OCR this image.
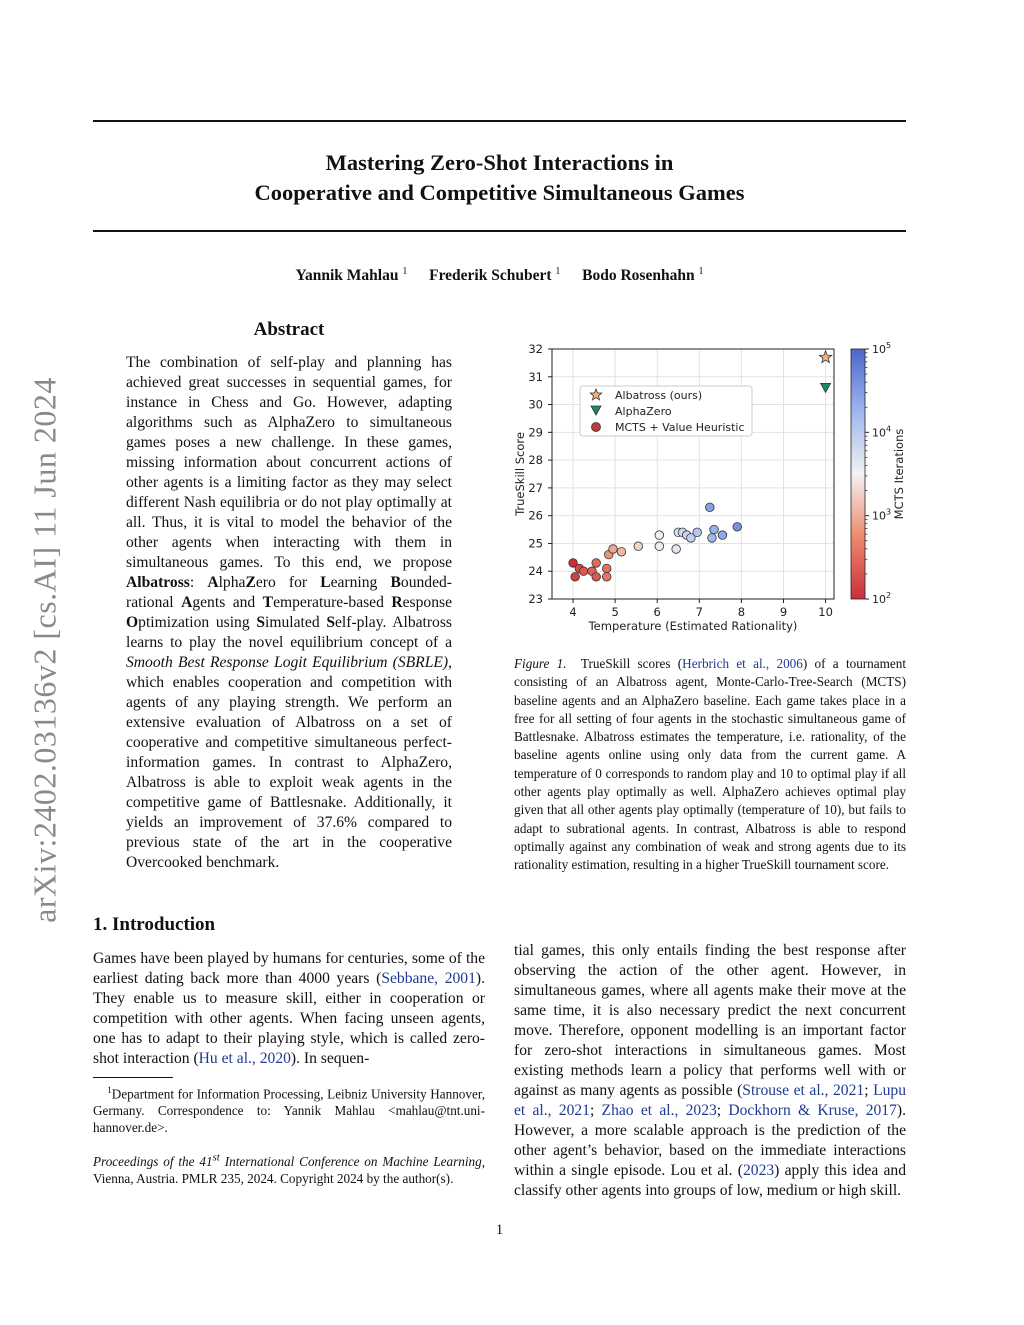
arXiv:2402.03136v2 [cs.AI] 11 Jun 2024
Mastering Zero-Shot Interactions in
Cooperative and Competitive Simultaneous Games
Yannik Mahlau $^1$ Frederik Schubert $^1$ Bodo Rosenhahn $^1$
Abstract
The combination of self-play and planning has achieved great successes in sequential games, for instance in Chess and Go. However, adapting algorithms such as AlphaZero to simultaneous games poses a new challenge. In these games, missing information about concurrent actions of other agents is a limiting factor as they may select different Nash equilibria or do not play optimally at all. Thus, it is vital to model the behavior of the other agents when interacting with them in simultaneous games. To this end, we propose Albatross: AlphaZero for Learning Bounded-rational Agents and Temperature-based Response Optimization using Simulated Self-play. Albatross learns to play the novel equilibrium concept of a Smooth Best Response Logit Equilibrium (SBRLE), which enables cooperation and competition with agents of any playing strength. We perform an extensive evaluation of Albatross on a set of cooperative and competitive simultaneous perfect-information games. In contrast to AlphaZero, Albatross is able to exploit weak agents in the competitive game of Battlesnake. Additionally, it yields an improvement of 37.6% compared to previous state of the art in the cooperative Overcooked benchmark.
4	5	6	7	8	9	10
23
24
25
26
27
28
29
30
31
32
Albatross (ours)
AlphaZero
MCTS + Value Heuristic
Temperature (Estimated Rationality)
TrueSkill Score
$10^2$
$10^3$
$10^4$
$10^5$
MCTS Iterations
Figure 1. TrueSkill scores (Herbrich et al., 2006) of a tournament consisting of an Albatross agent, Monte-Carlo-Tree-Search (MCTS) baseline agents and an AlphaZero baseline. Each game takes place in a free for all setting of four agents in the stochastic simultaneous game of Battlesnake. Albatross estimates the temperature, i.e. rationality, of the baseline agents online using only data from the current game. A temperature of 0 corresponds to random play and 10 to optimal play if all other agents play optimally as well. AlphaZero achieves optimal play given that all other agents play optimally (temperature of 10), but fails to adapt to subrational agents. In contrast, Albatross is able to respond optimally against any combination of weak and strong agents due to its rationality estimation, resulting in a higher TrueSkill tournament score.
1. Introduction
Games have been played by humans for centuries, some of the earliest dating back more than 4000 years (Sebbane, 2001). They enable us to measure skill, either in cooperation or competition with other agents. When facing unseen agents, one has to adapt to their playing style, which is called zero-shot interaction (Hu et al., 2020). In sequen-
tial games, this only entails finding the best response after observing the action of the other agent. However, in simultaneous games, where all agents make their move at the same time, it is also necessary predict the next concurrent move. Therefore, opponent modelling is an important factor for zero-shot interactions in simultaneous games. Most existing methods learn a policy that performs well with or against as many agents as possible (Strouse et al., 2021; Lupu et al., 2021; Zhao et al., 2023; Dockhorn & Kruse, 2017). However, a more scalable approach is the prediction of the other agent’s behavior, based on the immediate interactions within a single episode. Lou et al. (2023) apply this idea and classify other agents into groups of low, medium or high skill.
$^1$Department for Information Processing, Leibniz University Hannover, Germany. Correspondence to: Yannik Mahlau <mahlau@tnt.uni-hannover.de>.
Proceedings of the 41st International Conference on Machine Learning, Vienna, Austria. PMLR 235, 2024. Copyright 2024 by the author(s).
1
